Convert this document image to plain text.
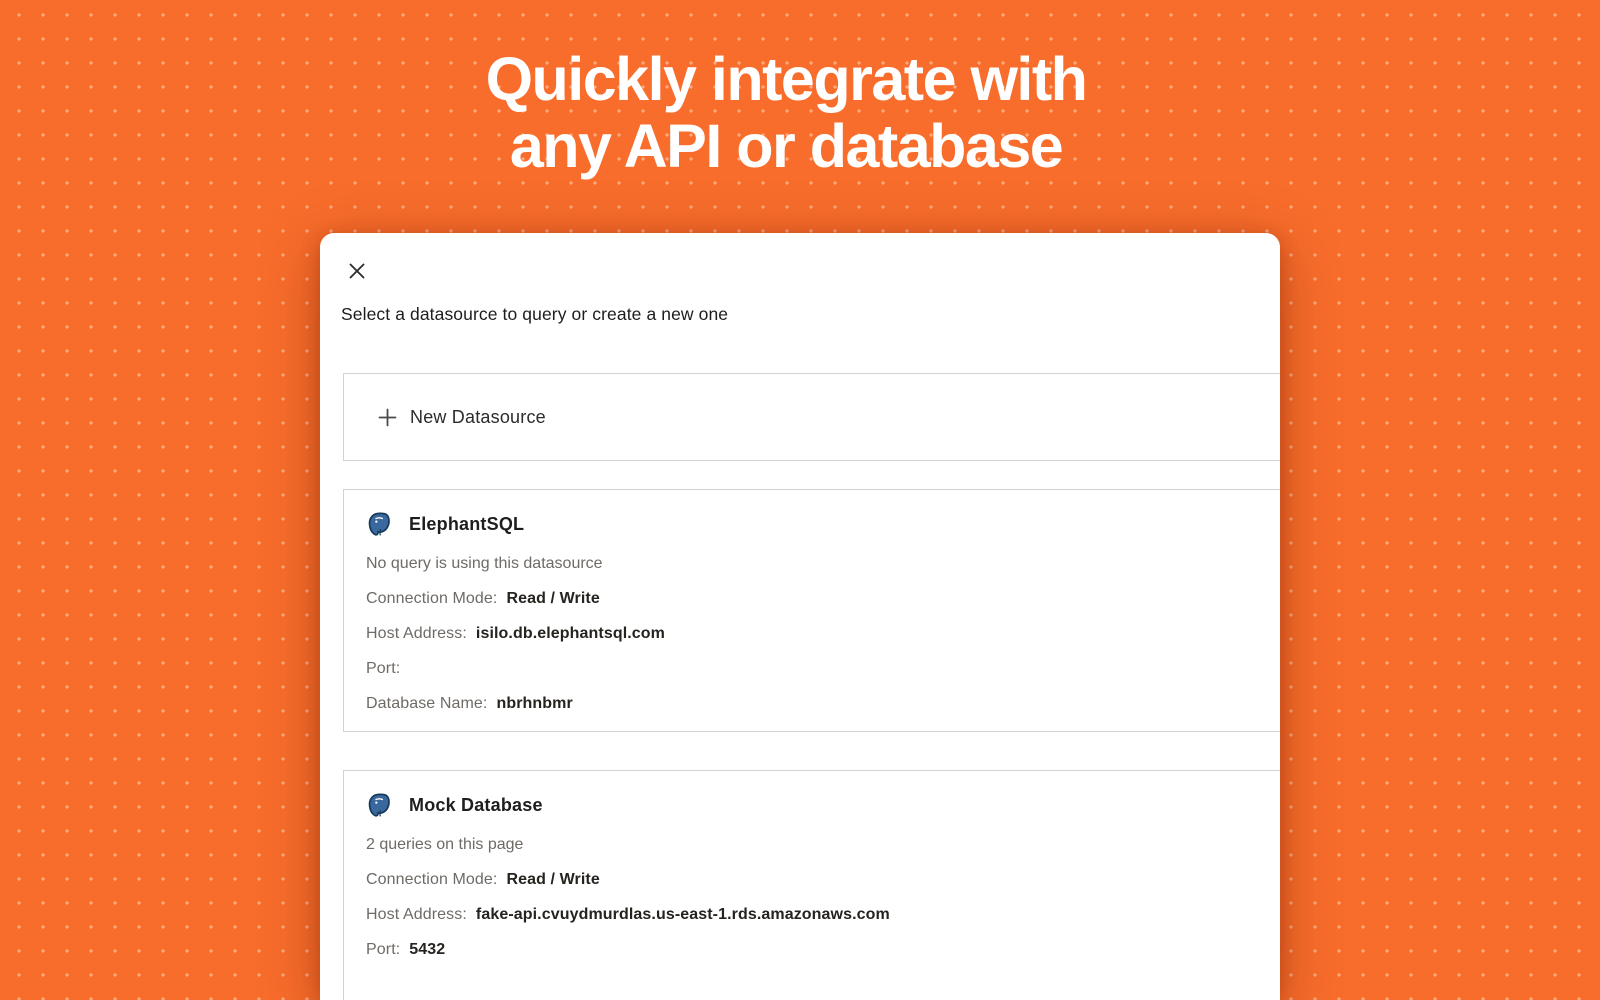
Quickly integrate with
any API or database
Select a datasource to query or create a new one
New Datasource
ElephantSQL
No query is using this datasource
Connection Mode: Read / Write
Host Address: isilo.db.elephantsql.com
Port:
Database Name: nbrhnbmr
Mock Database
2 queries on this page
Connection Mode: Read / Write
Host Address: fake-api.cvuydmurdlas.us-east-1.rds.amazonaws.com
Port: 5432
